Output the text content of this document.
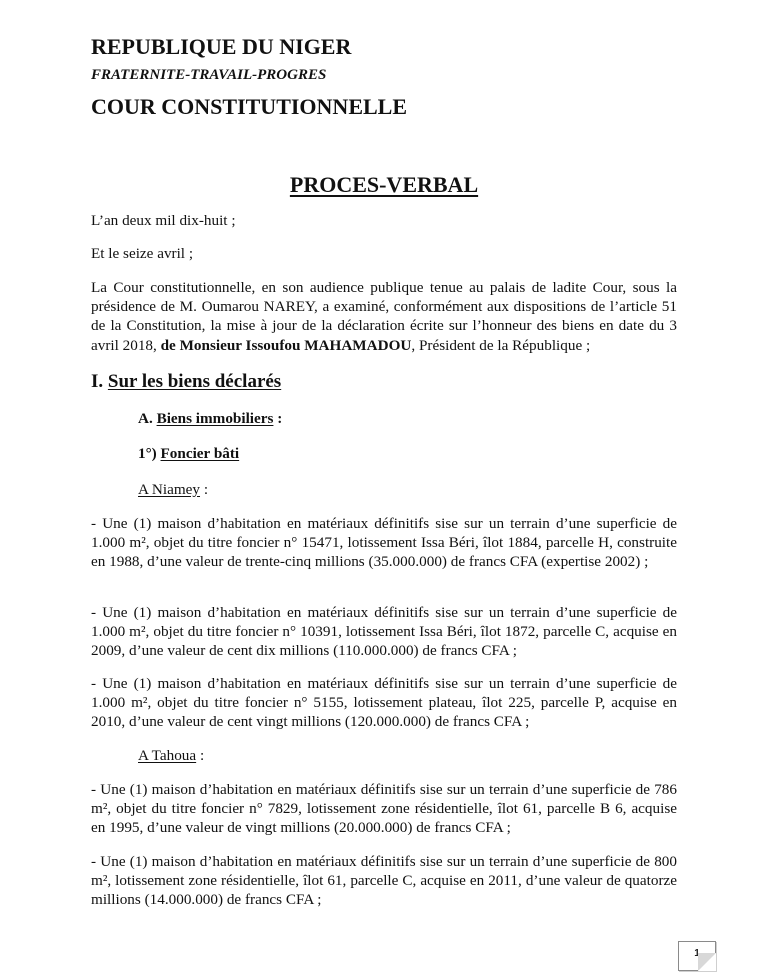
REPUBLIQUE DU NIGER
FRATERNITE-TRAVAIL-PROGRES
COUR CONSTITUTIONNELLE
PROCES-VERBAL
L’an deux mil dix-huit ;
Et le seize avril ;

La Cour constitutionnelle, en son audience publique tenue au palais de ladite Cour, sous la présidence de M. Oumarou NAREY, a examiné, conformément aux dispositions de l’article 51 de la Constitution, la mise à jour de la déclaration écrite sur l’honneur des biens en date du 3 avril 2018, de Monsieur Issoufou MAHAMADOU, Président de la République ;

I. Sur les biens déclarés
A. Biens immobiliers :
1°) Foncier bâti
A Niamey :

- Une (1) maison d’habitation en matériaux définitifs sise sur un terrain d’une superficie de 1.000 m², objet du titre foncier n° 15471, lotissement Issa Béri, îlot 1884, parcelle H, construite en 1988, d’une valeur de trente-cinq millions (35.000.000) de francs CFA (expertise 2002) ;

- Une (1) maison d’habitation en matériaux définitifs sise sur un terrain d’une superficie de 1.000 m², objet du titre foncier n° 10391, lotissement Issa Béri, îlot 1872, parcelle C, acquise en 2009, d’une valeur de cent dix millions (110.000.000) de francs CFA ;

- Une (1) maison d’habitation en matériaux définitifs sise sur un terrain d’une superficie de 1.000 m², objet du titre foncier n° 5155, lotissement plateau, îlot 225, parcelle P, acquise en 2010, d’une valeur de cent vingt millions (120.000.000) de francs CFA ;

A Tahoua :

- Une (1) maison d’habitation en matériaux définitifs sise sur un terrain d’une superficie de 786 m², objet du titre foncier n° 7829, lotissement zone résidentielle, îlot 61, parcelle B 6, acquise en 1995, d’une valeur de vingt millions (20.000.000) de francs CFA ;

- Une (1) maison d’habitation en matériaux définitifs sise sur un terrain d’une superficie de 800 m², lotissement zone résidentielle, îlot 61, parcelle C, acquise en 2011, d’une valeur de quatorze millions (14.000.000) de francs CFA ;

1
